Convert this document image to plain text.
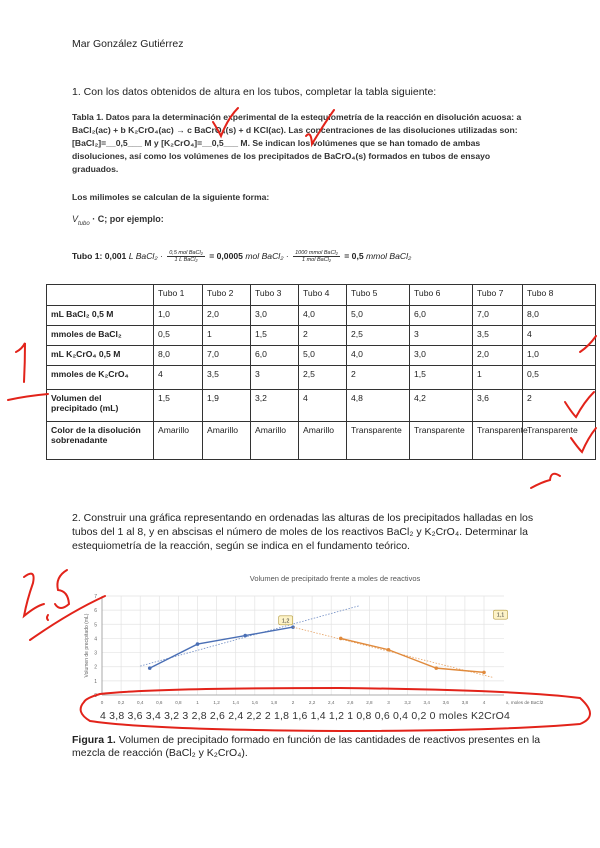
Mar González Gutiérrez
1. Con los datos obtenidos de altura en los tubos, completar la tabla siguiente:
Tabla 1. Datos para la determinación experimental de la estequiometría de la reacción en disolución acuosa: a BaCl₂(ac) + b K₂CrO₄(ac) → c BaCrO₄(s) + d KCl(ac). Las concentraciones de las disoluciones utilizadas son: [BaCl₂]=__0,5___ M y [K₂CrO₄]=__0,5___ M. Se indican los volúmenes que se han tomado de ambas disoluciones, así como los volúmenes de los precipitados de BaCrO₄(s) formados en tubos de ensayo graduados.
Los milimoles se calculan de la siguiente forma:
$V_{tubo} \cdot C$; por ejemplo:
Tubo 1: 0,001 L BaCl₂ · $\frac{\text{0,5 mol BaCl₂}}{\text{1 L BaCl₂}} = 0,0005$ mol BaCl₂ · $\frac{\text{1000 mmol BaCl₂}}{\text{1 mol BaCl₂}} = 0,5$ mmol BaCl₂
	Tubo 1	Tubo 2	Tubo 3	Tubo 4	Tubo 5	Tubo 6	Tubo 7	Tubo 8
mL BaCl₂ 0,5 M	1,0	2,0	3,0	4,0	5,0	6,0	7,0	8,0
mmoles de BaCl₂	0,5	1	1,5	2	2,5	3	3,5	4
mL K₂CrO₄ 0,5 M	8,0	7,0	6,0	5,0	4,0	3,0	2,0	1,0
mmoles de K₂CrO₄	4	3,5	3	2,5	2	1,5	1	0,5
Volumen del precipitado (mL)	1,5	1,9	3,2	4	4,8	4,2	3,6	2
Color de la disolución sobrenadante	Amarillo	Amarillo	Amarillo	Amarillo	Transparente	Transparente	Transparente	Transparente
2. Construir una gráfica representando en ordenadas las alturas de los precipitados halladas en los tubos del 1 al 8, y en abscisas el número de moles de los reactivos BaCl₂ y K₂CrO₄. Determinar la estequiometría de la reacción, según se indica en el fundamento teórico.
Volumen de precipitado frente a moles de reactivos
0
1
2
3
4
5
6
7
Volumen de precipitado (mL)
0	0,2	0,4	0,6	0,8	1	1,2	1,4	1,6	1,8	2	2,2	2,4	2,6	2,8	3	3,2	3,4	3,6	3,8	4	x, moles de BaCl2
1,2
1,1
4 3,8 3,6 3,4 3,2 3 2,8 2,6 2,4 2,2 2 1,8 1,6 1,4 1,2 1 0,8 0,6 0,4 0,2 0 moles K2CrO4
Figura 1. Volumen de precipitado formado en función de las cantidades de reactivos presentes en la mezcla de reacción (BaCl₂ y K₂CrO₄).
